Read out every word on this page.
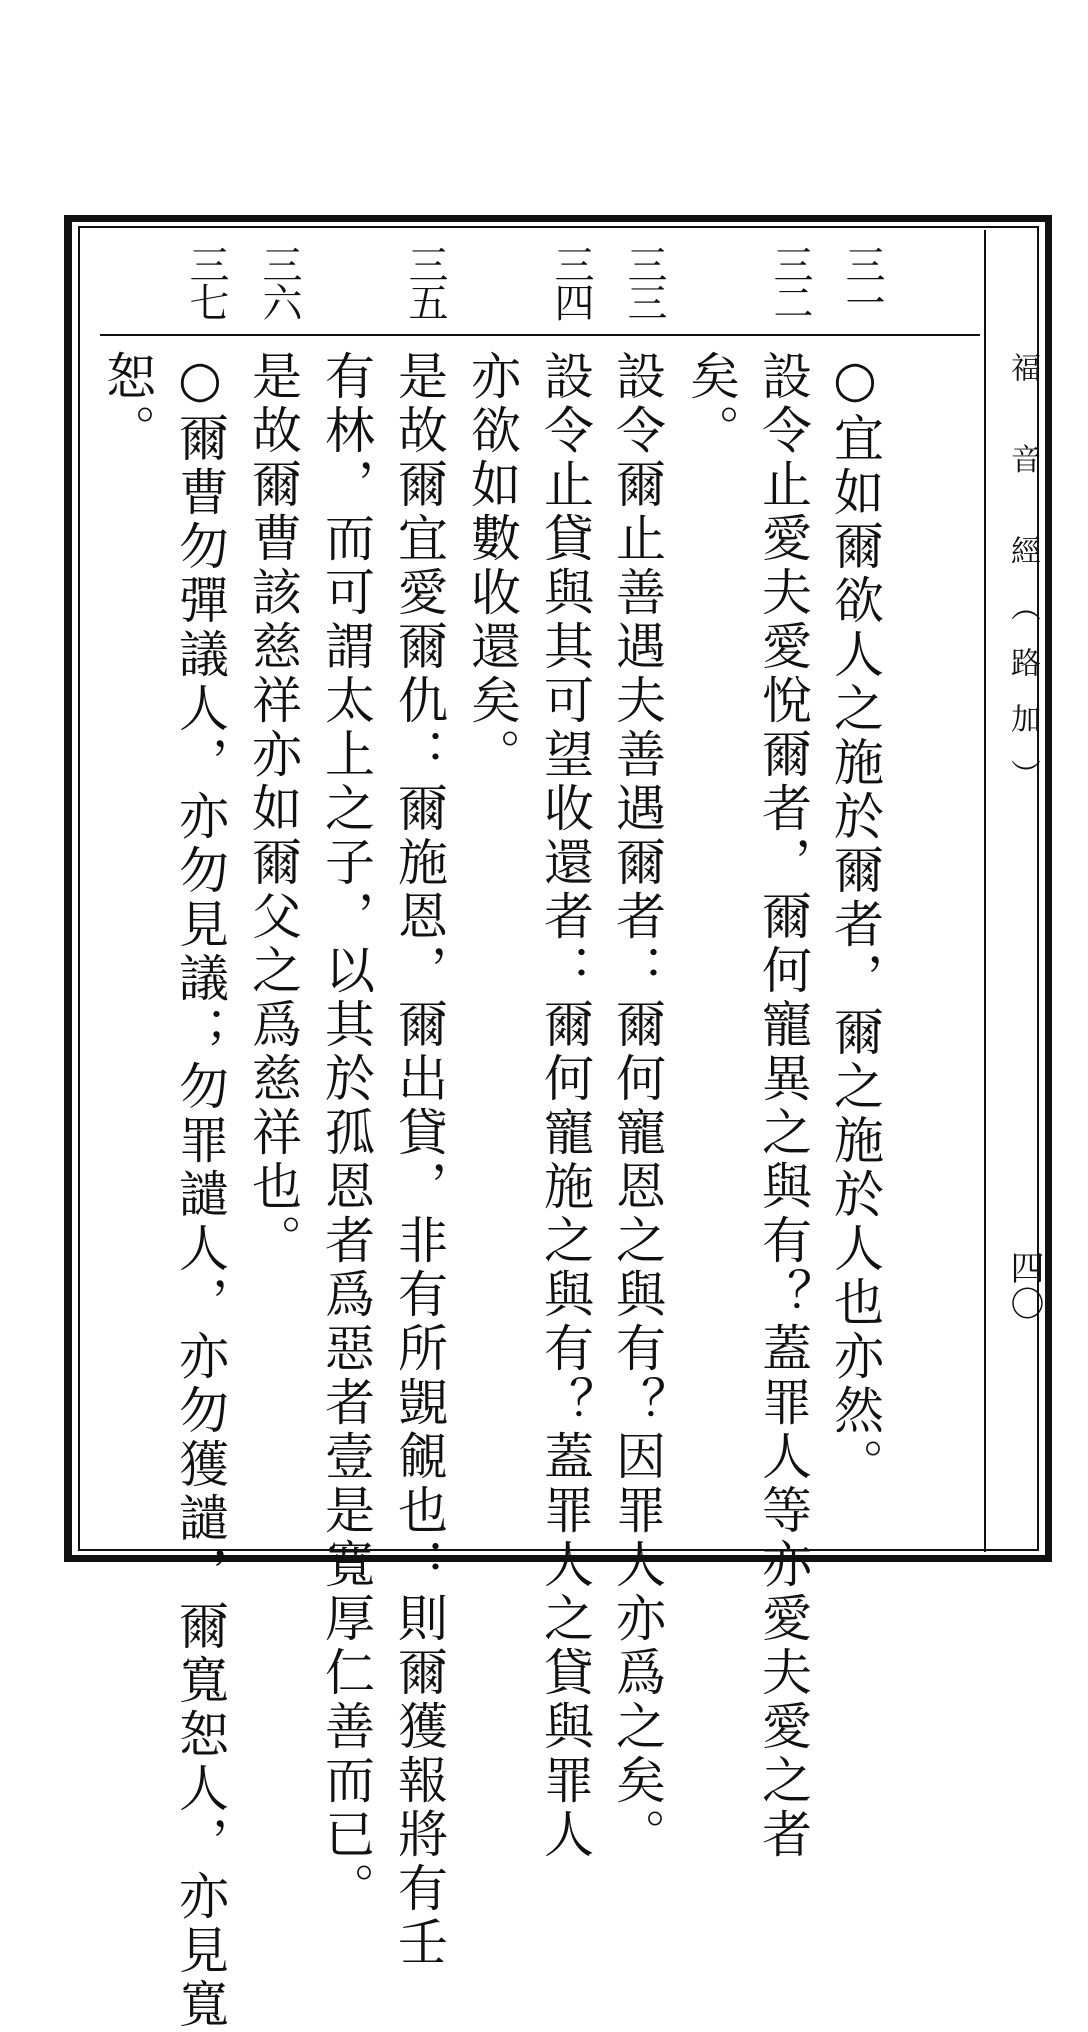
福 音 經（路加）
四〇
三一
三二
三三
三四
三五
三六
三七
○宜如爾欲人之施於爾者，爾之施於人也亦然。
設令止愛夫愛悅爾者，爾何寵異之與有？蓋罪人等亦愛夫愛之者
矣。
設令爾止善遇夫善遇爾者：爾何寵恩之與有？因罪人亦爲之矣。
設令止貸與其可望收還者：爾何寵施之與有？蓋罪人之貸與罪人
亦欲如數收還矣。
是故爾宜愛爾仇：爾施恩，爾出貸，非有所覬覦也：則爾獲報將有壬
有林，而可謂太上之子，以其於孤恩者爲惡者壹是寬厚仁善而已。
是故爾曹該慈祥亦如爾父之爲慈祥也。
○爾曹勿彈議人，亦勿見議；勿罪譴人，亦勿獲譴，爾寬恕人，亦見寬
恕。
